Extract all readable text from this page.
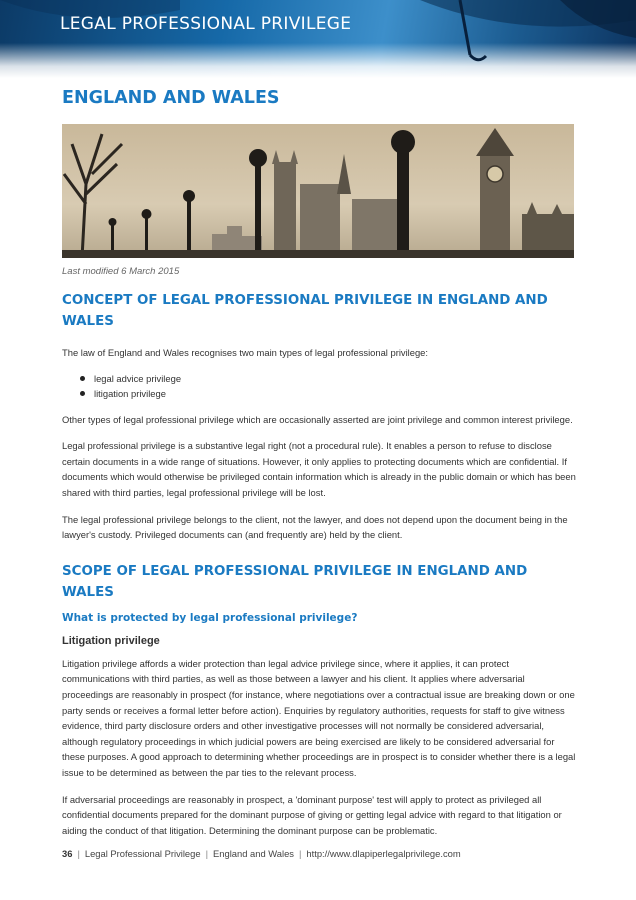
LEGAL PROFESSIONAL PRIVILEGE
ENGLAND AND WALES
Last modified 6 March 2015
CONCEPT OF LEGAL PROFESSIONAL PRIVILEGE IN ENGLAND AND WALES

The law of England and Wales recognises two main types of legal professional privilege:

legal advice privilege
litigation privilege

Other types of legal professional privilege which are occasionally asserted are joint privilege and common interest privilege.

Legal professional privilege is a substantive legal right (not a procedural rule). It enables a person to refuse to disclose certain documents in a wide range of situations. However, it only applies to protecting documents which are confidential. If documents which would otherwise be privileged contain information which is already in the public domain or which has been shared with third parties, legal professional privilege will be lost.

The legal professional privilege belongs to the client, not the lawyer, and does not depend upon the document being in the lawyer's custody. Privileged documents can (and frequently are) held by the client.

SCOPE OF LEGAL PROFESSIONAL PRIVILEGE IN ENGLAND AND WALES
What is protected by legal professional privilege?
Litigation privilege

Litigation privilege affords a wider protection than legal advice privilege since, where it applies, it can protect communications with third parties, as well as those between a lawyer and his client. It applies where adversarial proceedings are reasonably in prospect (for instance, where negotiations over a contractual issue are breaking down or one party sends or receives a formal letter before action). Enquiries by regulatory authorities, requests for staff to give witness evidence, third party disclosure orders and other investigative processes will not normally be considered adversarial, although regulatory proceedings in which judicial powers are being exercised are likely to be considered adversarial for these purposes. A good approach to determining whether proceedings are in prospect is to consider whether there is a legal issue to be determined as between the par ties to the relevant process.

If adversarial proceedings are reasonably in prospect, a 'dominant purpose' test will apply to protect as privileged all confidential documents prepared for the dominant purpose of giving or getting legal advice with regard to that litigation or aiding the conduct of that litigation. Determining the dominant purpose can be problematic.

36 | Legal Professional Privilege | England and Wales | http://www.dlapiperlegalprivilege.com
